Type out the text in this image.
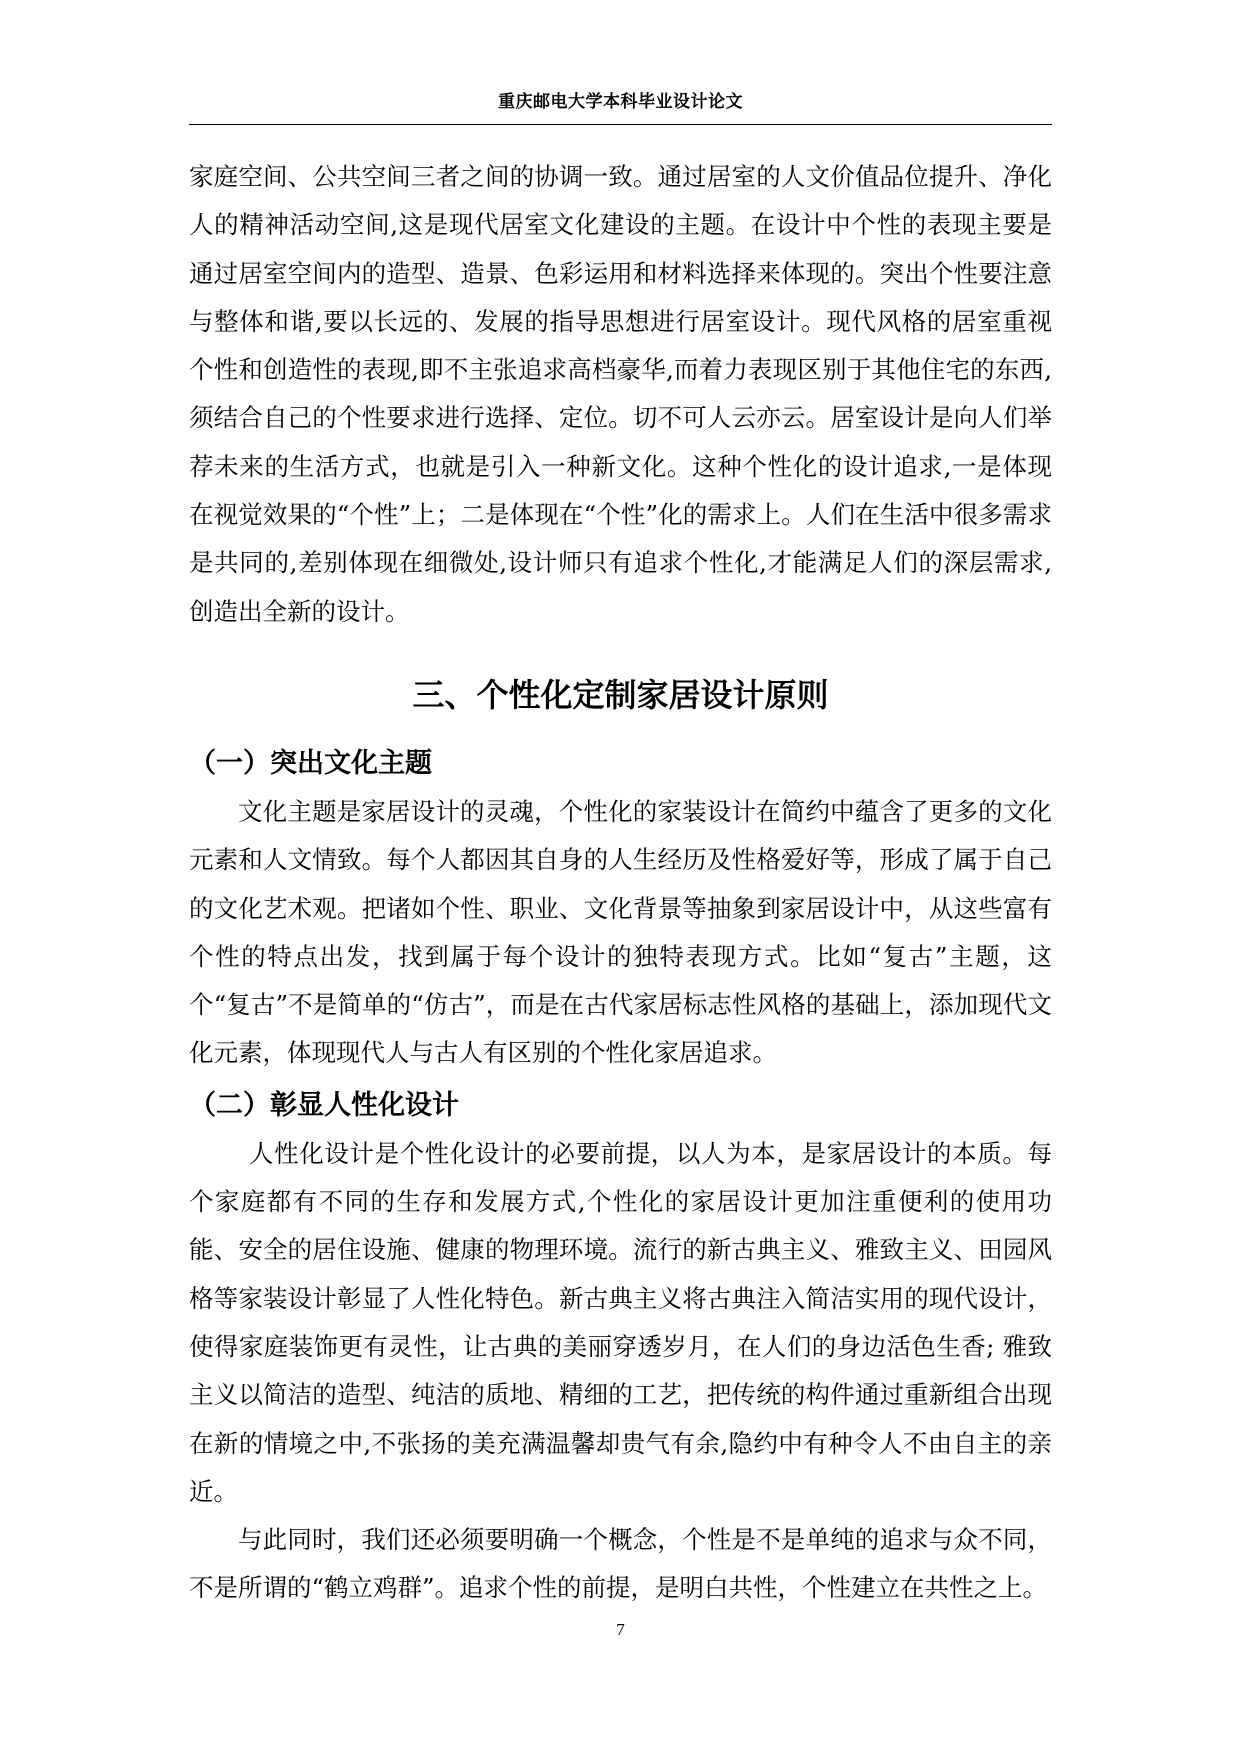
重庆邮电大学本科毕业设计论文

家庭空间、公共空间三者之间的协调一致。通过居室的人文价值品位提升、净化人的精神活动空间,这是现代居室文化建设的主题。在设计中个性的表现主要是通过居室空间内的造型、造景、色彩运用和材料选择来体现的。突出个性要注意与整体和谐,要以长远的、发展的指导思想进行居室设计。现代风格的居室重视个性和创造性的表现,即不主张追求高档豪华,而着力表现区别于其他住宅的东西,须结合自己的个性要求进行选择、定位。切不可人云亦云。居室设计是向人们举荐未来的生活方式，也就是引入一种新文化。这种个性化的设计追求,一是体现在视觉效果的“个性”上；二是体现在“个性”化的需求上。人们在生活中很多需求是共同的,差别体现在细微处,设计师只有追求个性化,才能满足人们的深层需求,创造出全新的设计。

三、个性化定制家居设计原则
（一）突出文化主题

文化主题是家居设计的灵魂，个性化的家装设计在简约中蕴含了更多的文化元素和人文情致。每个人都因其自身的人生经历及性格爱好等，形成了属于自己的文化艺术观。把诸如个性、职业、文化背景等抽象到家居设计中，从这些富有个性的特点出发，找到属于每个设计的独特表现方式。比如“复古”主题，这个“复古”不是简单的“仿古”，而是在古代家居标志性风格的基础上，添加现代文化元素，体现现代人与古人有区别的个性化家居追求。

（二）彰显人性化设计

人性化设计是个性化设计的必要前提，以人为本，是家居设计的本质。每个家庭都有不同的生存和发展方式,个性化的家居设计更加注重便利的使用功能、安全的居住设施、健康的物理环境。流行的新古典主义、雅致主义、田园风格等家装设计彰显了人性化特色。新古典主义将古典注入简洁实用的现代设计，使得家庭装饰更有灵性，让古典的美丽穿透岁月，在人们的身边活色生香; 雅致主义以简洁的造型、纯洁的质地、精细的工艺，把传统的构件通过重新组合出现在新的情境之中,不张扬的美充满温馨却贵气有余,隐约中有种令人不由自主的亲近。

与此同时，我们还必须要明确一个概念，个性是不是单纯的追求与众不同，不是所谓的“鹤立鸡群”。追求个性的前提，是明白共性，个性建立在共性之上。

7
